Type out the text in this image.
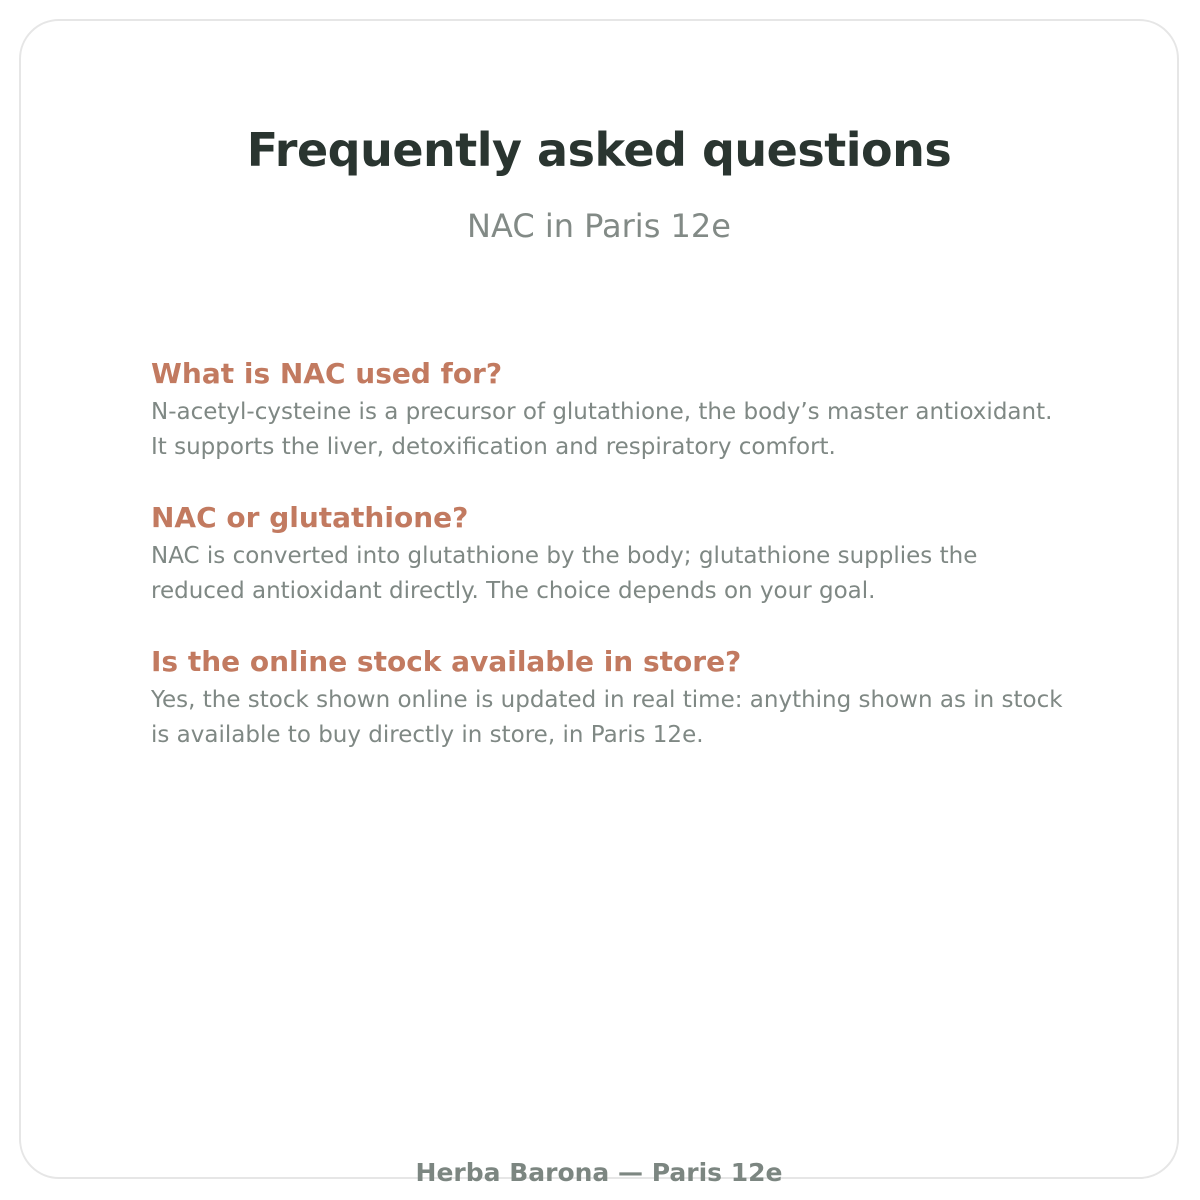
Frequently asked questions

NAC in Paris 12e

What is NAC used for?

N-acetyl-cysteine is a precursor of glutathione, the body’s master antioxidant.
It supports the liver, detoxification and respiratory comfort.

NAC or glutathione?

NAC is converted into glutathione by the body; glutathione supplies the
reduced antioxidant directly. The choice depends on your goal.

Is the online stock available in store?

Yes, the stock shown online is updated in real time: anything shown as in stock
is available to buy directly in store, in Paris 12e.

Herba Barona — Paris 12e
